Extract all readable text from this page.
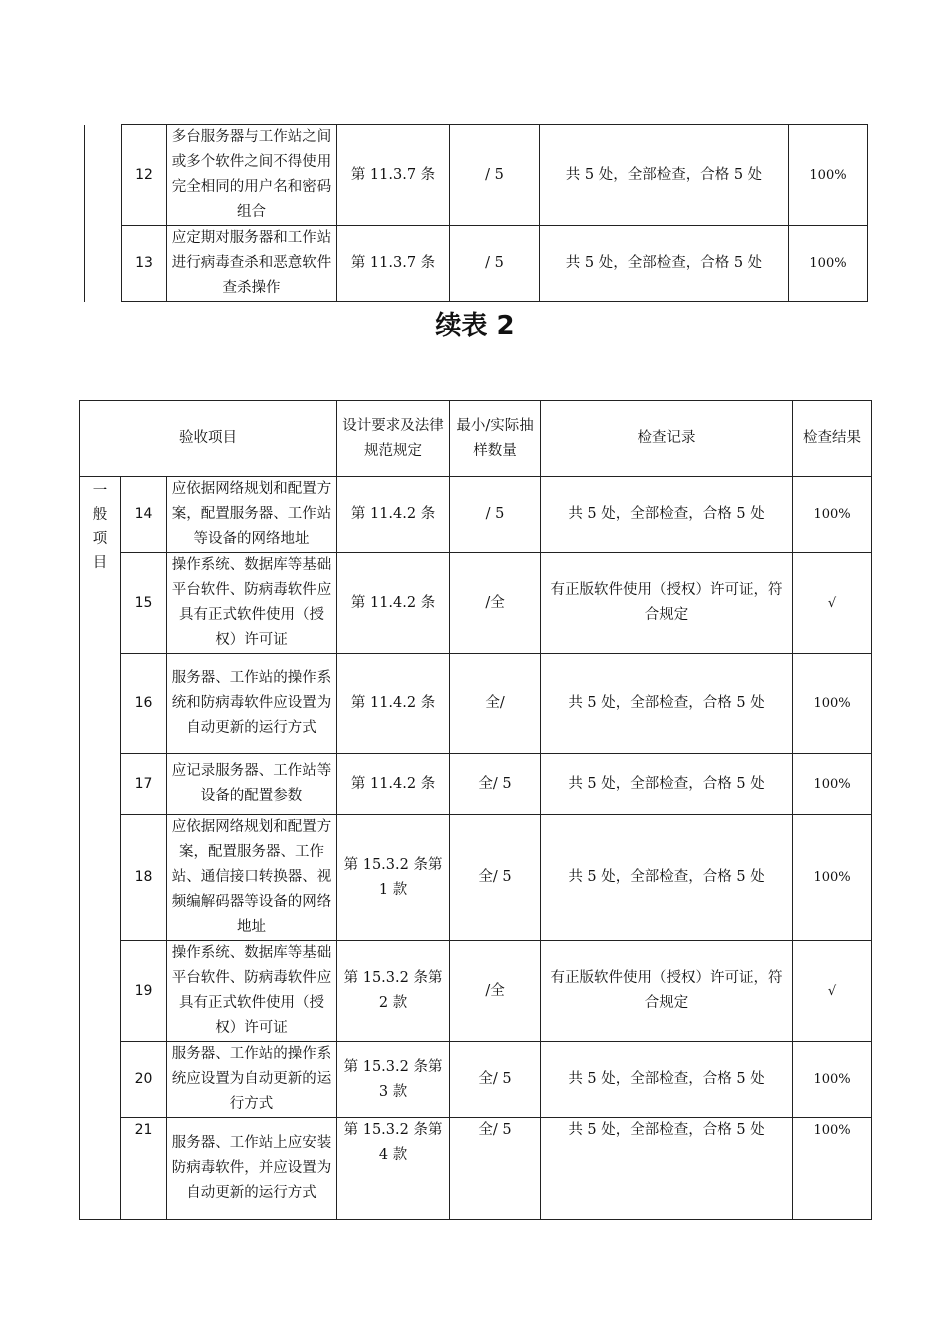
	12	多台服务器与工作站之间或多个软件之间不得使用完全相同的用户名和密码组合	第 11.3.7 条	/ 5	共 5 处，全部检查，合格 5 处	100%
	13	应定期对服务器和工作站进行病毒查杀和恶意软件查杀操作	第 11.3.7 条	/ 5	共 5 处，全部检查，合格 5 处	100%
续表 2
验收项目			设计要求及法律规范规定	最小/实际抽样数量	检查记录	检查结果

一
般
项
目	14	应依据网络规划和配置方案，配置服务器、工作站等设备的网络地址	第 11.4.2 条	/ 5	共 5 处，全部检查，合格 5 处	100%
	15	操作系统、数据库等基础平台软件、防病毒软件应具有正式软件使用（授权）许可证	第 11.4.2 条	/全	有正版软件使用（授权）许可证，符合规定	√
	16	服务器、工作站的操作系统和防病毒软件应设置为自动更新的运行方式	第 11.4.2 条	全/	共 5 处，全部检查，合格 5 处	100%
	17	应记录服务器、工作站等设备的配置参数	第 11.4.2 条	全/ 5	共 5 处，全部检查，合格 5 处	100%
	18	应依据网络规划和配置方案，配置服务器、工作站、通信接口转换器、视频编解码器等设备的网络地址	第 15.3.2 条第 1 款	全/ 5	共 5 处，全部检查，合格 5 处	100%
	19	操作系统、数据库等基础平台软件、防病毒软件应具有正式软件使用（授权）许可证	第 15.3.2 条第 2 款	/全	有正版软件使用（授权）许可证，符合规定	√
	20	服务器、工作站的操作系统应设置为自动更新的运行方式	第 15.3.2 条第 3 款	全/ 5	共 5 处，全部检查，合格 5 处	100%
	21	服务器、工作站上应安装防病毒软件，并应设置为自动更新的运行方式	第 15.3.2 条第 4 款	全/ 5	共 5 处，全部检查，合格 5 处	100%
